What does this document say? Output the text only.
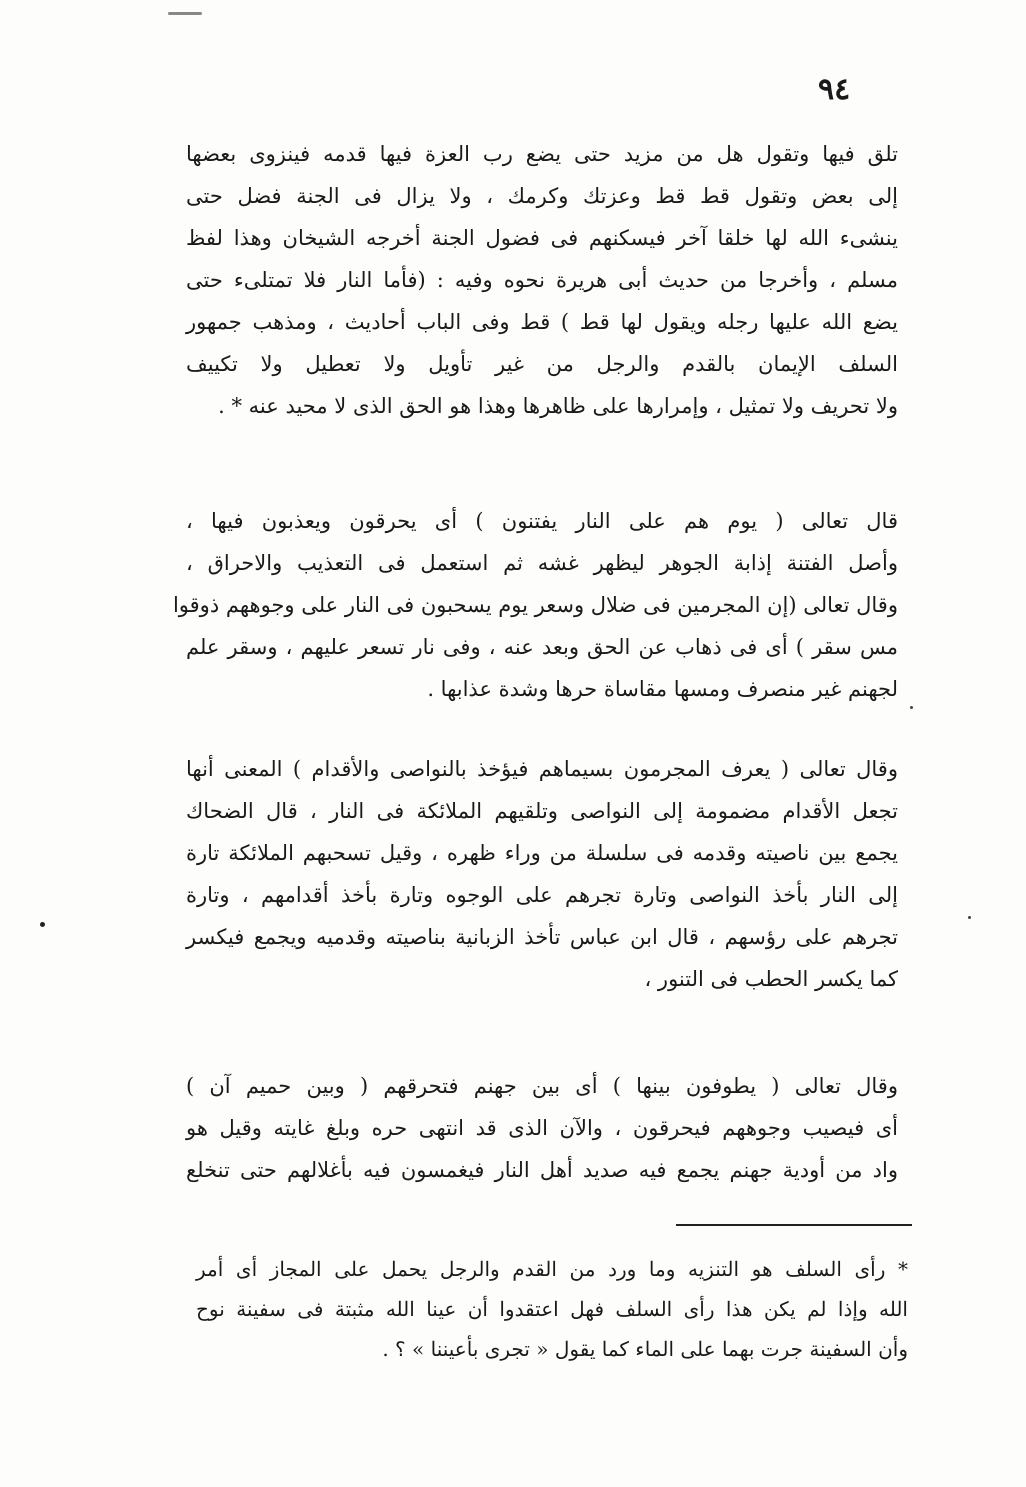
٩٤
تلق فيها وتقول هل من مزيد حتى يضع رب العزة فيها قدمه فينزوى بعضها
إلى بعض وتقول قط قط وعزتك وكرمك ، ولا يزال فى الجنة فضل حتى
ينشىء الله لها خلقا آخر فيسكنهم فى فضول الجنة أخرجه الشيخان وهذا لفظ
مسلم ، وأخرجا من حديث أبى هريرة نحوه وفيه : (فأما النار فلا تمتلىء حتى
يضع الله عليها رجله ويقول لها قط ) قط وفى الباب أحاديث ، ومذهب جمهور
السلف الإيمان بالقدم والرجل من غير تأويل ولا تعطيل ولا تكييف
ولا تحريف ولا تمثيل ، وإمرارها على ظاهرها وهذا هو الحق الذى لا محيد عنه * .
قال تعالى ( يوم هم على النار يفتنون ) أى يحرقون ويعذبون فيها ،
وأصل الفتنة إذابة الجوهر ليظهر غشه ثم استعمل فى التعذيب والاحراق ،
وقال تعالى (إن المجرمين فى ضلال وسعر يوم يسحبون فى النار على وجوههم ذوقوا
مس سقر ) أى فى ذهاب عن الحق وبعد عنه ، وفى نار تسعر عليهم ، وسقر علم
لجهنم غير منصرف ومسها مقاساة حرها وشدة عذابها .
وقال تعالى ( يعرف المجرمون بسيماهم فيؤخذ بالنواصى والأقدام ) المعنى أنها
تجعل الأقدام مضمومة إلى النواصى وتلقيهم الملائكة فى النار ، قال الضحاك
يجمع بين ناصيته وقدمه فى سلسلة من وراء ظهره ، وقيل تسحبهم الملائكة تارة
إلى النار بأخذ النواصى وتارة تجرهم على الوجوه وتارة بأخذ أقدامهم ، وتارة
تجرهم على رؤسهم ، قال ابن عباس تأخذ الزبانية بناصيته وقدميه ويجمع فيكسر
كما يكسر الحطب فى التنور ،
وقال تعالى ( يطوفون بينها ) أى بين جهنم فتحرقهم ( وبين حميم آن )
أى فيصيب وجوههم فيحرقون ، والآن الذى قد انتهى حره وبلغ غايته وقيل هو
واد من أودية جهنم يجمع فيه صديد أهل النار فيغمسون فيه بأغلالهم حتى تنخلع
* رأى السلف هو التنزيه وما ورد من القدم والرجل يحمل على المجاز أى أمر
الله وإذا لم يكن هذا رأى السلف فهل اعتقدوا أن عينا الله مثبتة فى سفينة نوح
وأن السفينة جرت بهما على الماء كما يقول « تجرى بأعيننا » ؟ .
